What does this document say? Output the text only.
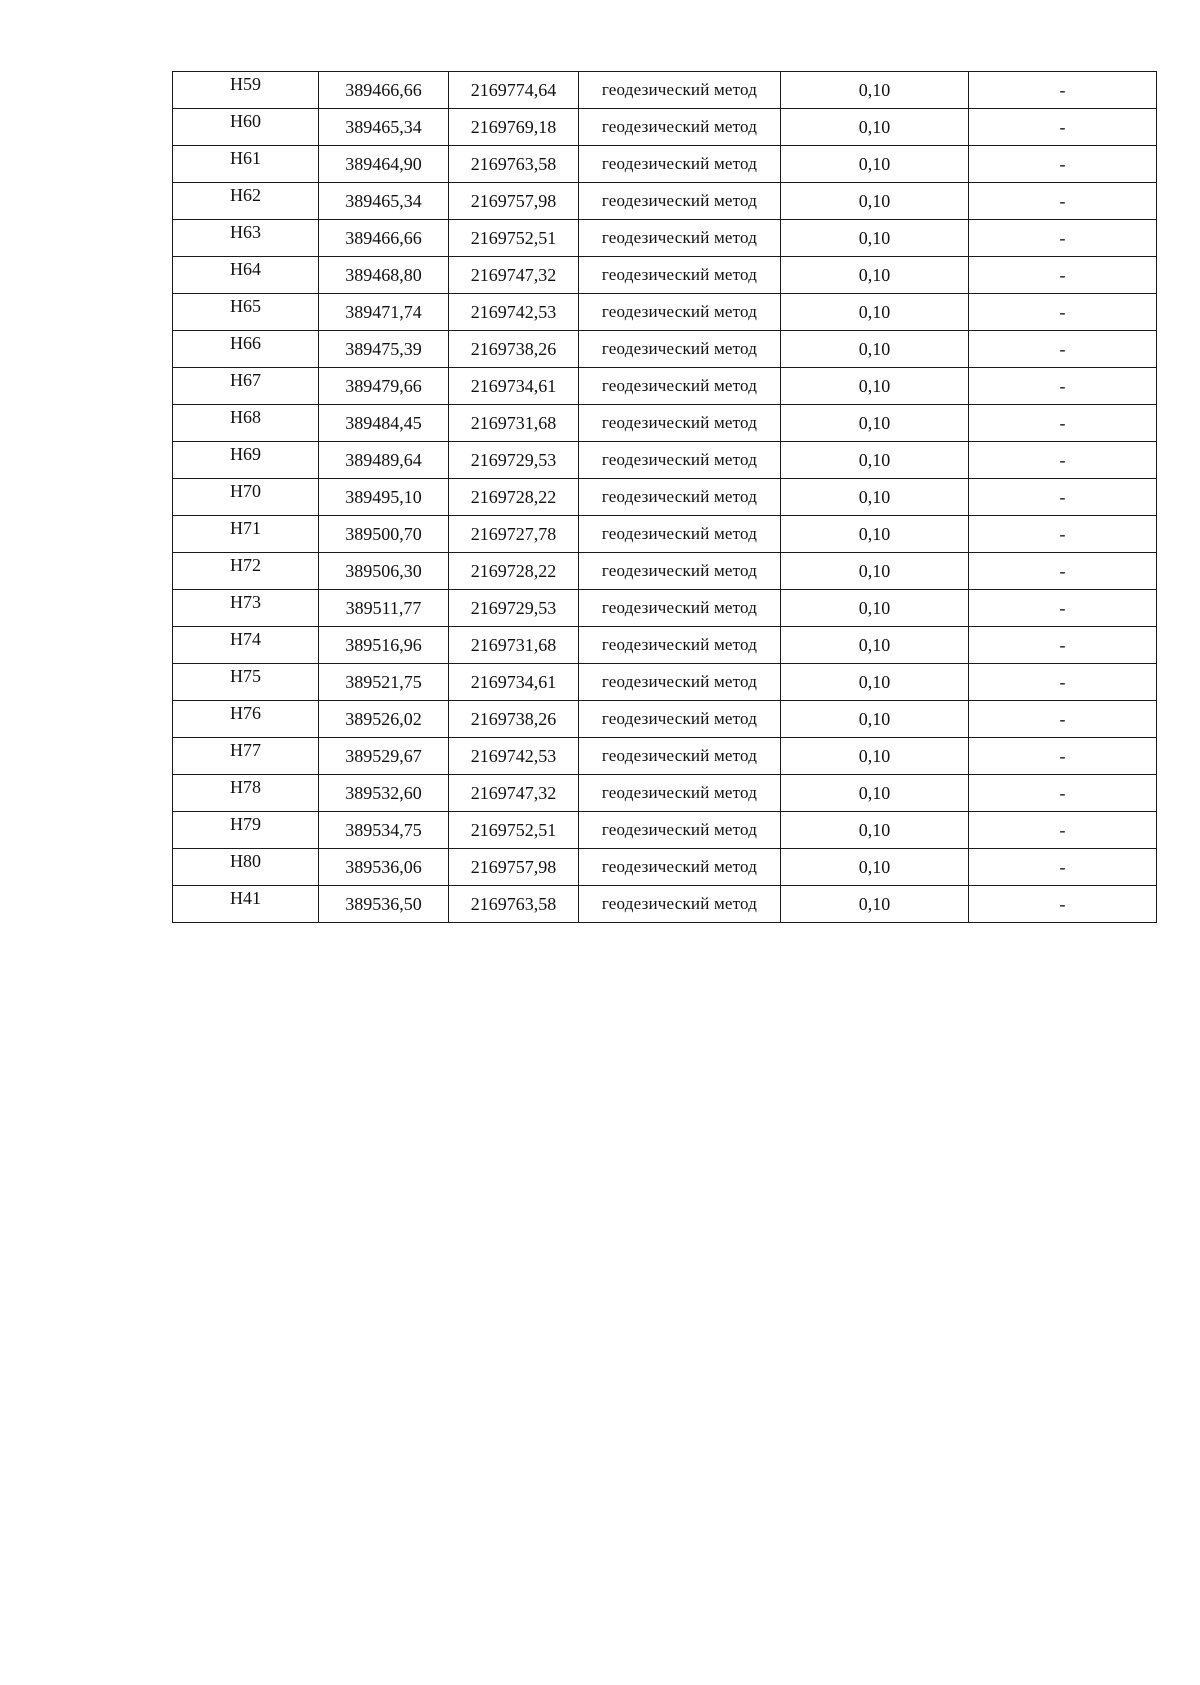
Н59	389466,66	2169774,64	геодезический метод	0,10	-
Н60	389465,34	2169769,18	геодезический метод	0,10	-
Н61	389464,90	2169763,58	геодезический метод	0,10	-
Н62	389465,34	2169757,98	геодезический метод	0,10	-
Н63	389466,66	2169752,51	геодезический метод	0,10	-
Н64	389468,80	2169747,32	геодезический метод	0,10	-
Н65	389471,74	2169742,53	геодезический метод	0,10	-
Н66	389475,39	2169738,26	геодезический метод	0,10	-
Н67	389479,66	2169734,61	геодезический метод	0,10	-
Н68	389484,45	2169731,68	геодезический метод	0,10	-
Н69	389489,64	2169729,53	геодезический метод	0,10	-
Н70	389495,10	2169728,22	геодезический метод	0,10	-
Н71	389500,70	2169727,78	геодезический метод	0,10	-
Н72	389506,30	2169728,22	геодезический метод	0,10	-
Н73	389511,77	2169729,53	геодезический метод	0,10	-
Н74	389516,96	2169731,68	геодезический метод	0,10	-
Н75	389521,75	2169734,61	геодезический метод	0,10	-
Н76	389526,02	2169738,26	геодезический метод	0,10	-
Н77	389529,67	2169742,53	геодезический метод	0,10	-
Н78	389532,60	2169747,32	геодезический метод	0,10	-
Н79	389534,75	2169752,51	геодезический метод	0,10	-
Н80	389536,06	2169757,98	геодезический метод	0,10	-
Н41	389536,50	2169763,58	геодезический метод	0,10	-
